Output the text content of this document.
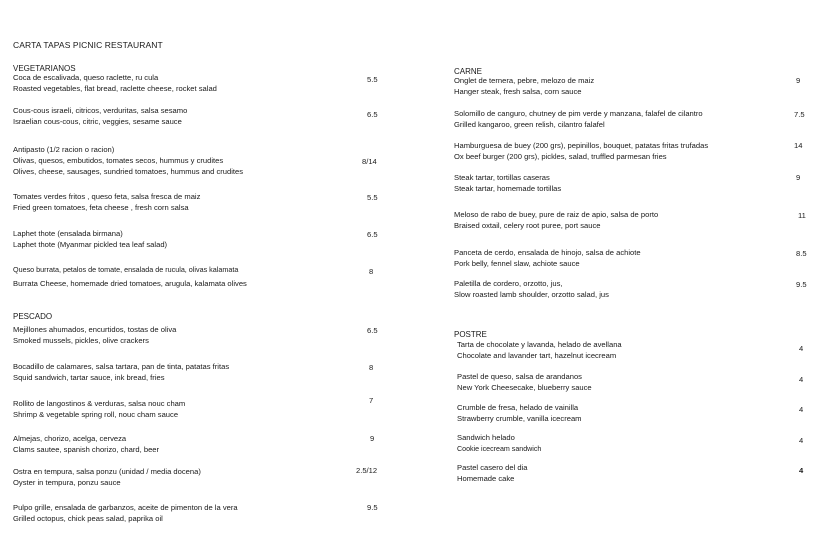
CARTA TAPAS PICNIC RESTAURANT
VEGETARIANOS
Coca de escalivada, queso raclette, ru cula
Roasted vegetables, flat bread, raclette cheese, rocket salad
5.5
Cous-cous israeli, citricos, verduritas, salsa sesamo
Israelian cous-cous, citric, veggies, sesame sauce
6.5
Antipasto (1/2 racion o racion)
Olivas, quesos, embutidos, tomates secos, hummus y crudites
Olives, cheese, sausages, sundried tomatoes, hummus and crudites
8/14
Tomates verdes fritos , queso feta, salsa fresca de maiz
Fried green tomatoes, feta cheese , fresh corn salsa
5.5
Laphet thote (ensalada birmana)
Laphet thote (Myanmar pickled tea leaf salad)
6.5
Queso burrata, petalos de tomate, ensalada de rucula, olivas kalamata
Burrata Cheese, homemade dried tomatoes, arugula, kalamata olives
8
PESCADO
Mejillones ahumados, encurtidos, tostas de oliva
Smoked mussels, pickles, olive crackers
6.5
Bocadillo de calamares, salsa tartara, pan de tinta, patatas fritas
Squid sandwich, tartar sauce, ink bread, fries
8
Rollito de langostinos & verduras, salsa nouc cham
Shrimp & vegetable spring roll, nouc cham sauce
7
Almejas, chorizo, acelga, cerveza
Clams sautee, spanish chorizo, chard, beer
9
Ostra en tempura, salsa ponzu (unidad / media docena)
Oyster in tempura, ponzu sauce
2.5/12
Pulpo grille, ensalada de garbanzos, aceite de pimenton de la vera
Grilled octopus, chick peas salad, paprika oil
9.5
CARNE
Onglet de ternera, pebre, melozo de maiz
Hanger steak, fresh salsa, corn sauce
9
Solomillo de canguro, chutney de pim verde y manzana, falafel de cilantro
Grilled kangaroo, green relish, cilantro falafel
7.5
Hamburguesa de buey (200 grs), pepinillos, bouquet, patatas fritas trufadas
Ox beef burger (200 grs), pickles, salad, truffled parmesan fries
14
Steak tartar, tortillas caseras
Steak tartar, homemade tortillas
9
Meloso de rabo de buey, pure de raiz de apio, salsa de porto
Braised oxtail, celery root puree, port sauce
11
Panceta de cerdo, ensalada de hinojo, salsa de achiote
Pork belly, fennel slaw, achiote sauce
8.5
Paletilla de cordero, orzotto, jus,
Slow roasted lamb shoulder, orzotto salad, jus
9.5
POSTRE
Tarta de chocolate y lavanda, helado de avellana
Chocolate and lavander tart, hazelnut icecream
4
Pastel de queso, salsa de arandanos
New York Cheesecake, blueberry sauce
4
Crumble de fresa, helado de vainilla
Strawberry crumble, vanilla icecream
4
Sandwich helado
Cookie icecream sandwich
4
Pastel casero del dia
Homemade cake
4
